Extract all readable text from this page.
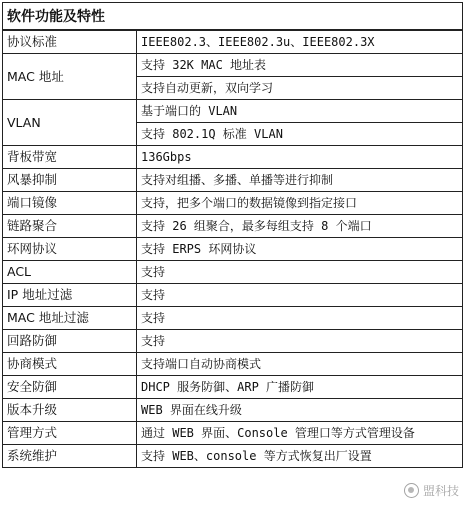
软件功能及特性
协议标准	IEEE802.3、IEEE802.3u、IEEE802.3X
MAC 地址	支持 32K MAC 地址表
	支持自动更新，双向学习
VLAN	基于端口的 VLAN
	支持 802.1Q 标准 VLAN
背板带宽	136Gbps
风暴抑制	支持对组播、多播、单播等进行抑制
端口镜像	支持，把多个端口的数据镜像到指定接口
链路聚合	支持 26 组聚合，最多每组支持 8 个端口
环网协议	支持 ERPS 环网协议
ACL	支持
IP 地址过滤	支持
MAC 地址过滤	支持
回路防御	支持
协商模式	支持端口自动协商模式
安全防御	DHCP 服务防御、ARP 广播防御
版本升级	WEB 界面在线升级
管理方式	通过 WEB 界面、Console 管理口等方式管理设备
系统维护	支持 WEB、console 等方式恢复出厂设置
盟科技
